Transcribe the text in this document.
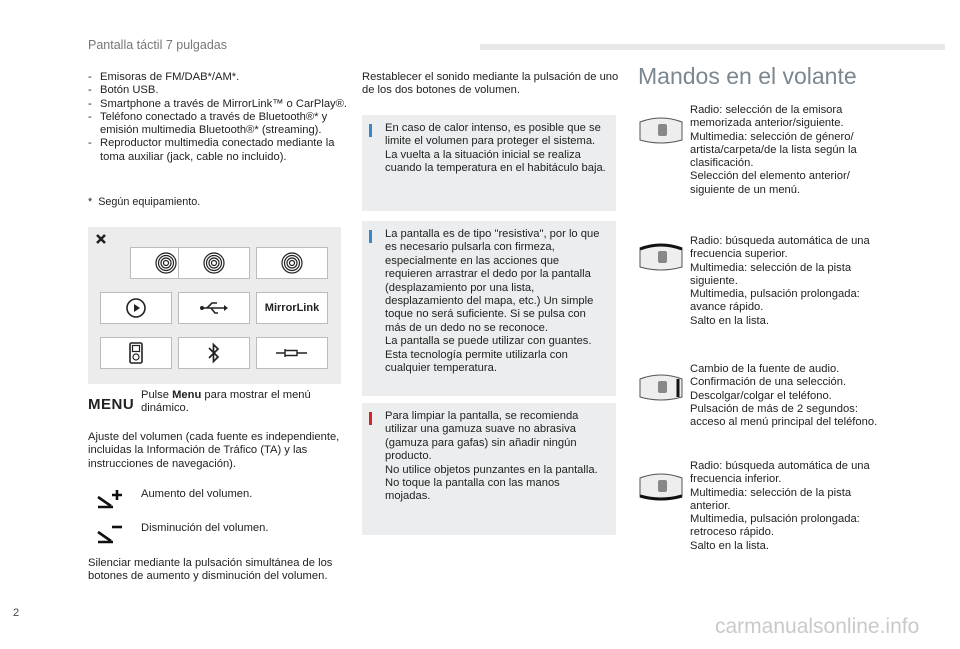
Pantalla táctil 7 pulgadas
- Emisoras de FM/DAB*/AM*.
- Botón USB.
- Smartphone a través de MirrorLink™ o CarPlay®.
- Teléfono conectado a través de Bluetooth®* y emisión multimedia Bluetooth®* (streaming).
- Reproductor multimedia conectado mediante la toma auxiliar (jack, cable no incluido).
* Según equipamiento.
MirrorLink
MENU
Pulse Menu para mostrar el menú dinámico.
Ajuste del volumen (cada fuente es independiente, incluidas la Información de Tráfico (TA) y las instrucciones de navegación).
Aumento del volumen.
Disminución del volumen.
Silenciar mediante la pulsación simultánea de los botones de aumento y disminución del volumen.
Restablecer el sonido mediante la pulsación de uno de los dos botones de volumen.
En caso de calor intenso, es posible que se limite el volumen para proteger el sistema. La vuelta a la situación inicial se realiza cuando la temperatura en el habitáculo baja.
La pantalla es de tipo "resistiva", por lo que es necesario pulsarla con firmeza, especialmente en las acciones que requieren arrastrar el dedo por la pantalla (desplazamiento por una lista, desplazamiento del mapa, etc.) Un simple toque no será suficiente. Si se pulsa con más de un dedo no se reconoce.
La pantalla se puede utilizar con guantes. Esta tecnología permite utilizarla con cualquier temperatura.
Para limpiar la pantalla, se recomienda utilizar una gamuza suave no abrasiva (gamuza para gafas) sin añadir ningún producto.
No utilice objetos punzantes en la pantalla.
No toque la pantalla con las manos mojadas.
Mandos en el volante
Radio: selección de la emisora memorizada anterior/siguiente.
Multimedia: selección de género/ artista/carpeta/de la lista según la clasificación.
Selección del elemento anterior/ siguiente de un menú.
Radio: búsqueda automática de una frecuencia superior.
Multimedia: selección de la pista siguiente.
Multimedia, pulsación prolongada: avance rápido.
Salto en la lista.
Cambio de la fuente de audio.
Confirmación de una selección.
Descolgar/colgar el teléfono.
Pulsación de más de 2 segundos: acceso al menú principal del teléfono.
Radio: búsqueda automática de una frecuencia inferior.
Multimedia: selección de la pista anterior.
Multimedia, pulsación prolongada: retroceso rápido.
Salto en la lista.
2
carmanualsonline.info
